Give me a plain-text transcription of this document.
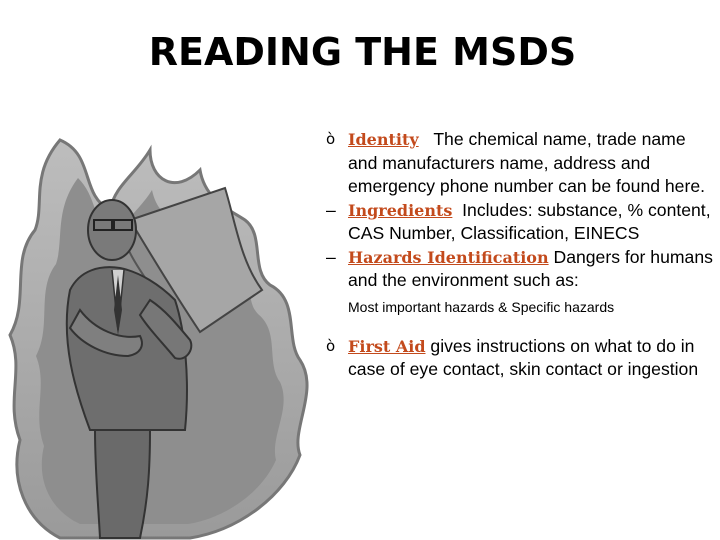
READING THE MSDS
ò Identity The chemical name, trade name and manufacturers name, address and emergency phone number can be found here.
– Ingredients  Includes: substance, % content, CAS Number, Classification, EINECS
– Hazards Identification Dangers for humans and the environment such as:
Most important hazards & Specific hazards
ò First Aid gives instructions on what to do in case of eye contact, skin contact or ingestion
